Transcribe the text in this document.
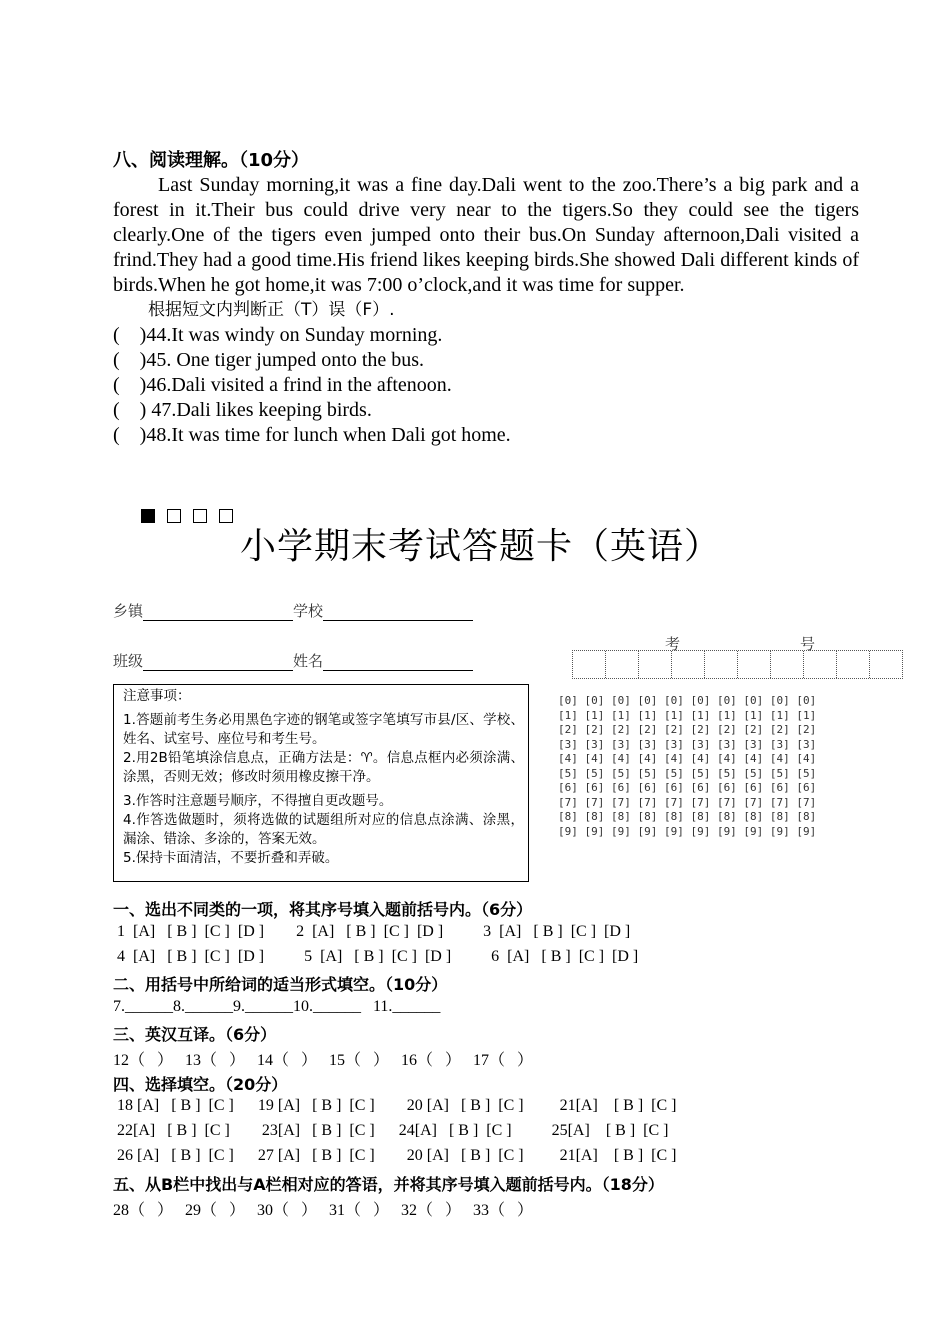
八、阅读理解。（10分）

Last Sunday morning,it was a fine day.Dali went to the zoo.There’s a big park and a forest in it.Their bus could drive very near to the tigers.So they could see the tigers clearly.One of the tigers even jumped onto their bus.On Sunday afternoon,Dali visited a frind.They had a good time.His friend likes keeping birds.She showed Dali different kinds of birds.When he got home,it was 7:00 o’clock,and it was time for supper.

根据短文内判断正（T）误（F）.
(    )44.It was windy on Sunday morning.
(    )45. One tiger jumped onto the bus.
(    )46.Dali visited a frind in the aftenoon.
(    ) 47.Dali likes keeping birds.
(    )48.It was time for lunch when Dali got home.
小学期末考试答题卡（英语）
乡镇	学校
班级	姓名

注意事项：

1.答题前考生务必用黑色字迹的钢笔或签字笔填写市县/区、学校、姓名、试室号、座位号和考生号。

2.用2B铅笔填涂信息点，正确方法是：♈。信息点框内必须涂满、涂黑，否则无效；修改时须用橡皮擦干净。

3.作答时注意题号顺序，不得擅自更改题号。

4.作答选做题时，须将选做的试题组所对应的信息点涂满、涂黑，漏涂、错涂、多涂的，答案无效。

5.保持卡面清洁，不要折叠和弄破。

考	号
[0] [0] [0] [0] [0] [0] [0] [0] [0] [0]
[1] [1] [1] [1] [1] [1] [1] [1] [1] [1]
[2] [2] [2] [2] [2] [2] [2] [2] [2] [2]
[3] [3] [3] [3] [3] [3] [3] [3] [3] [3]
[4] [4] [4] [4] [4] [4] [4] [4] [4] [4]
[5] [5] [5] [5] [5] [5] [5] [5] [5] [5]
[6] [6] [6] [6] [6] [6] [6] [6] [6] [6]
[7] [7] [7] [7] [7] [7] [7] [7] [7] [7]
[8] [8] [8] [8] [8] [8] [8] [8] [8] [8]
[9] [9] [9] [9] [9] [9] [9] [9] [9] [9]
一、选出不同类的一项，将其序号填入题前括号内。（6分）
1  [A]   [ B ]  [C ]  [D ]        2  [A]   [ B ]  [C ]  [D ]          3  [A]   [ B ]  [C ]  [D ]
4  [A]   [ B ]  [C ]  [D ]          5  [A]   [ B ]  [C ]  [D ]          6  [A]   [ B ]  [C ]  [D ]
二、用括号中所给词的适当形式填空。（10分）
7.______8.______9.______10.______   11.______
三、英汉互译。（6分）
12（   ）   13（   ）   14（   ）   15（   ）   16（   ）   17（   ）
四、选择填空。（20分）
18 [A]   [ B ]  [C ]      19 [A]   [ B ]  [C ]        20 [A]   [ B ]  [C ]         21[A]    [ B ]  [C ]
22[A]   [ B ]  [C ]        23[A]   [ B ]  [C ]      24[A]   [ B ]  [C ]          25[A]    [ B ]  [C ]
26 [A]   [ B ]  [C ]      27 [A]   [ B ]  [C ]        20 [A]   [ B ]  [C ]         21[A]    [ B ]  [C ]
五、从B栏中找出与A栏相对应的答语，并将其序号填入题前括号内。（18分）
28（   ）   29（   ）   30（   ）   31（   ）   32（   ）   33（   ）
